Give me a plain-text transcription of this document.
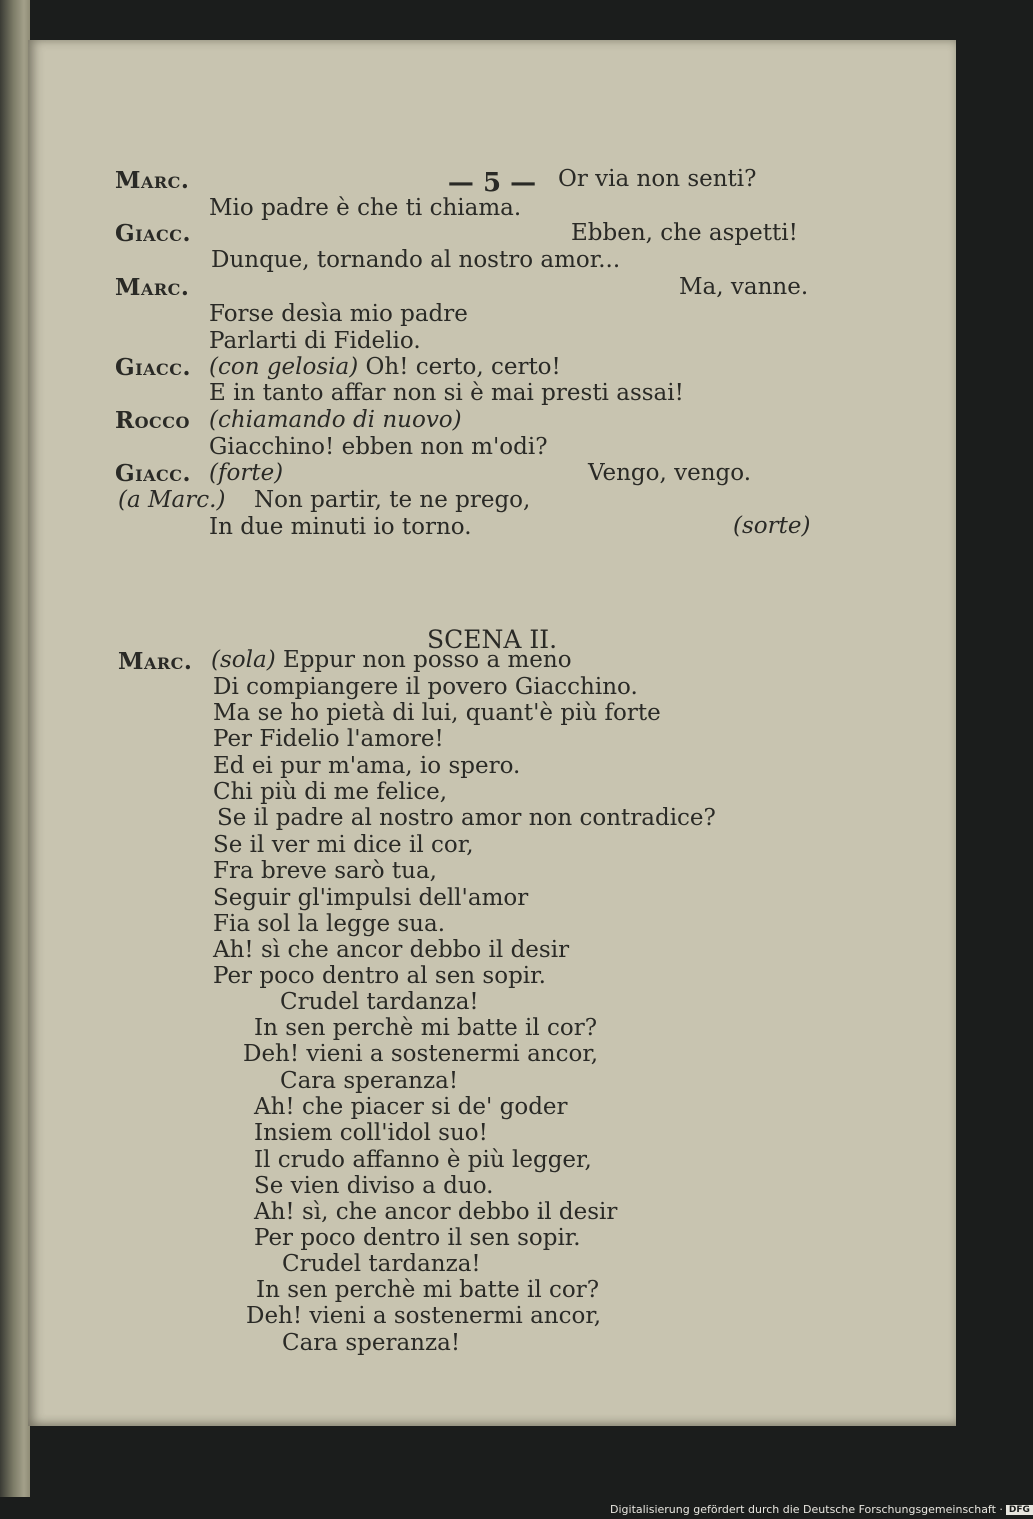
— 5 —
Marc.	Or via non senti?
Mio padre è che ti chiama.
Giacc.	Ebben, che aspetti!
Dunque, tornando al nostro amor...
Marc.	Ma, vanne.
Forse desìa mio padre
Parlarti di Fidelio.
Giacc. (con gelosia) Oh! certo, certo!
E in tanto affar non si è mai presti assai!
Rocco (chiamando di nuovo)
Giacchino! ebben non m'odi?
Giacc. (forte)	Vengo, vengo.
(a Marc.) Non partir, te ne prego,
In due minuti io torno.	(sorte)
SCENA II.
Marc. (sola) Eppur non posso a meno
Di compiangere il povero Giacchino.
Ma se ho pietà di lui, quant'è più forte
Per Fidelio l'amore!
Ed ei pur m'ama, io spero.
Chi più di me felice,
Se il padre al nostro amor non contradice?
Se il ver mi dice il cor,
Fra breve sarò tua,
Seguir gl'impulsi dell'amor
Fia sol la legge sua.
Ah! sì che ancor debbo il desir
Per poco dentro al sen sopir.
Crudel tardanza!
In sen perchè mi batte il cor?
Deh! vieni a sostenermi ancor,
Cara speranza!
Ah! che piacer si de' goder
Insiem coll'idol suo!
Il crudo affanno è più legger,
Se vien diviso a duo.
Ah! sì, che ancor debbo il desir
Per poco dentro il sen sopir.
Crudel tardanza!
In sen perchè mi batte il cor?
Deh! vieni a sostenermi ancor,
Cara speranza!
Digitalisierung gefördert durch die Deutsche Forschungsgemeinschaft · DFG
